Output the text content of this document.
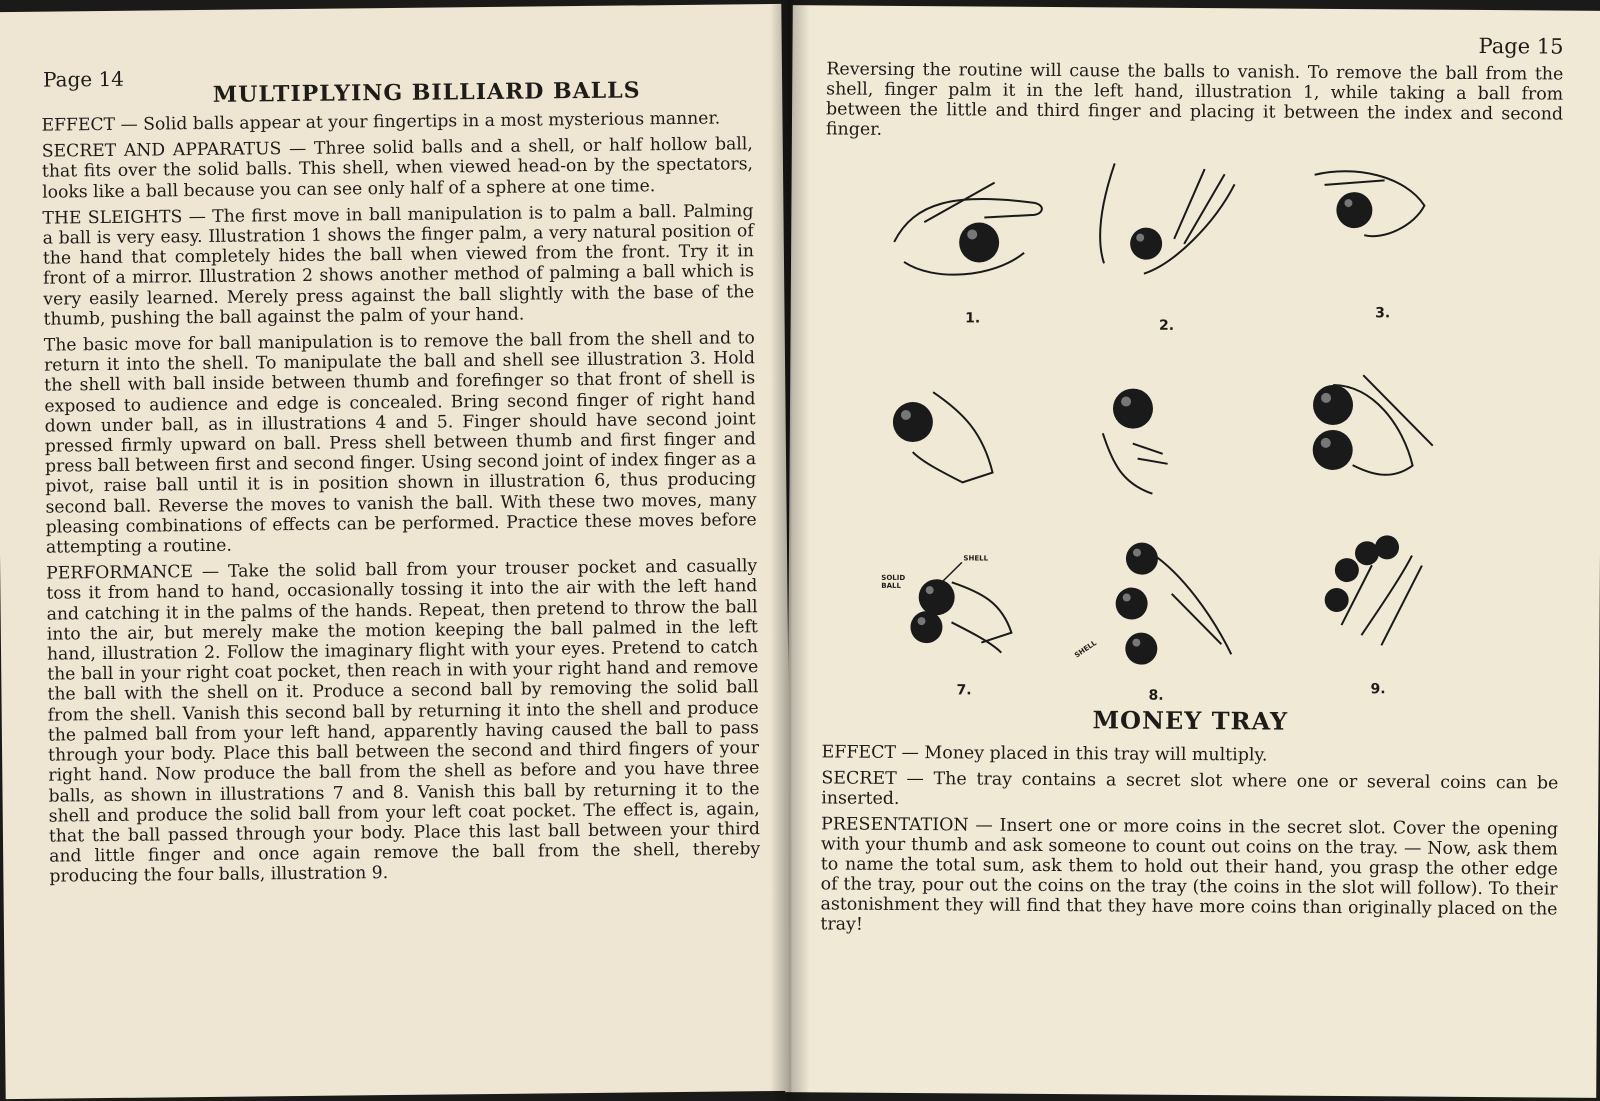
Page 14	MULTIPLYING BILLIARD BALLS

EFFECT — Solid balls appear at your fingertips in a most mysterious manner.

SECRET AND APPARATUS — Three solid balls and a shell, or half hollow ball, that fits over the solid balls. This shell, when viewed head-on by the spectators, looks like a ball because you can see only half of a sphere at one time.

THE SLEIGHTS — The first move in ball manipulation is to palm a ball. Palming a ball is very easy. Illustration 1 shows the finger palm, a very natural position of the hand that completely hides the ball when viewed from the front. Try it in front of a mirror. Illustration 2 shows another method of palming a ball which is very easily learned. Merely press against the ball slightly with the base of the thumb, pushing the ball against the palm of your hand.

The basic move for ball manipulation is to remove the ball from the shell and to return it into the shell. To manipulate the ball and shell see illustration 3. Hold the shell with ball inside between thumb and forefinger so that front of shell is exposed to audience and edge is concealed. Bring second finger of right hand down under ball, as in illustrations 4 and 5. Finger should have second joint pressed firmly upward on ball. Press shell between thumb and first finger and press ball between first and second finger. Using second joint of index finger as a pivot, raise ball until it is in position shown in illustration 6, thus producing second ball. Reverse the moves to vanish the ball. With these two moves, many pleasing combinations of effects can be performed. Practice these moves before attempting a routine.

PERFORMANCE — Take the solid ball from your trouser pocket and casually toss it from hand to hand, occasionally tossing it into the air with the left hand and catching it in the palms of the hands. Repeat, then pretend to throw the ball into the air, but merely make the motion keeping the ball palmed in the left hand, illustration 2. Follow the imaginary flight with your eyes. Pretend to catch the ball in your right coat pocket, then reach in with your right hand and remove the ball with the shell on it. Produce a second ball by removing the solid ball from the shell. Vanish this second ball by returning it into the shell and produce the palmed ball from your left hand, apparently having caused the ball to pass through your body. Place this ball between the second and third fingers of your right hand. Now produce the ball from the shell as before and you have three balls, as shown in illustrations 7 and 8. Vanish this ball by returning it to the shell and produce the solid ball from your left coat pocket. The effect is, again, that the ball passed through your body. Place this last ball between your third and little finger and once again remove the ball from the shell, thereby producing the four balls, illustration 9.

Page 15

Reversing the routine will cause the balls to vanish. To remove the ball from the shell, finger palm it in the left hand, illustration 1, while taking a ball from between the little and third finger and placing it between the index and second finger.

1.	2.
3.
SHELL
SOLID BALL
7.
SHELL
8.	9.
MONEY TRAY

EFFECT — Money placed in this tray will multiply.

SECRET — The tray contains a secret slot where one or several coins can be inserted.

PRESENTATION — Insert one or more coins in the secret slot. Cover the opening with your thumb and ask someone to count out coins on the tray. — Now, ask them to name the total sum, ask them to hold out their hand, you grasp the other edge of the tray, pour out the coins on the tray (the coins in the slot will follow). To their astonishment they will find that they have more coins than originally placed on the tray!
